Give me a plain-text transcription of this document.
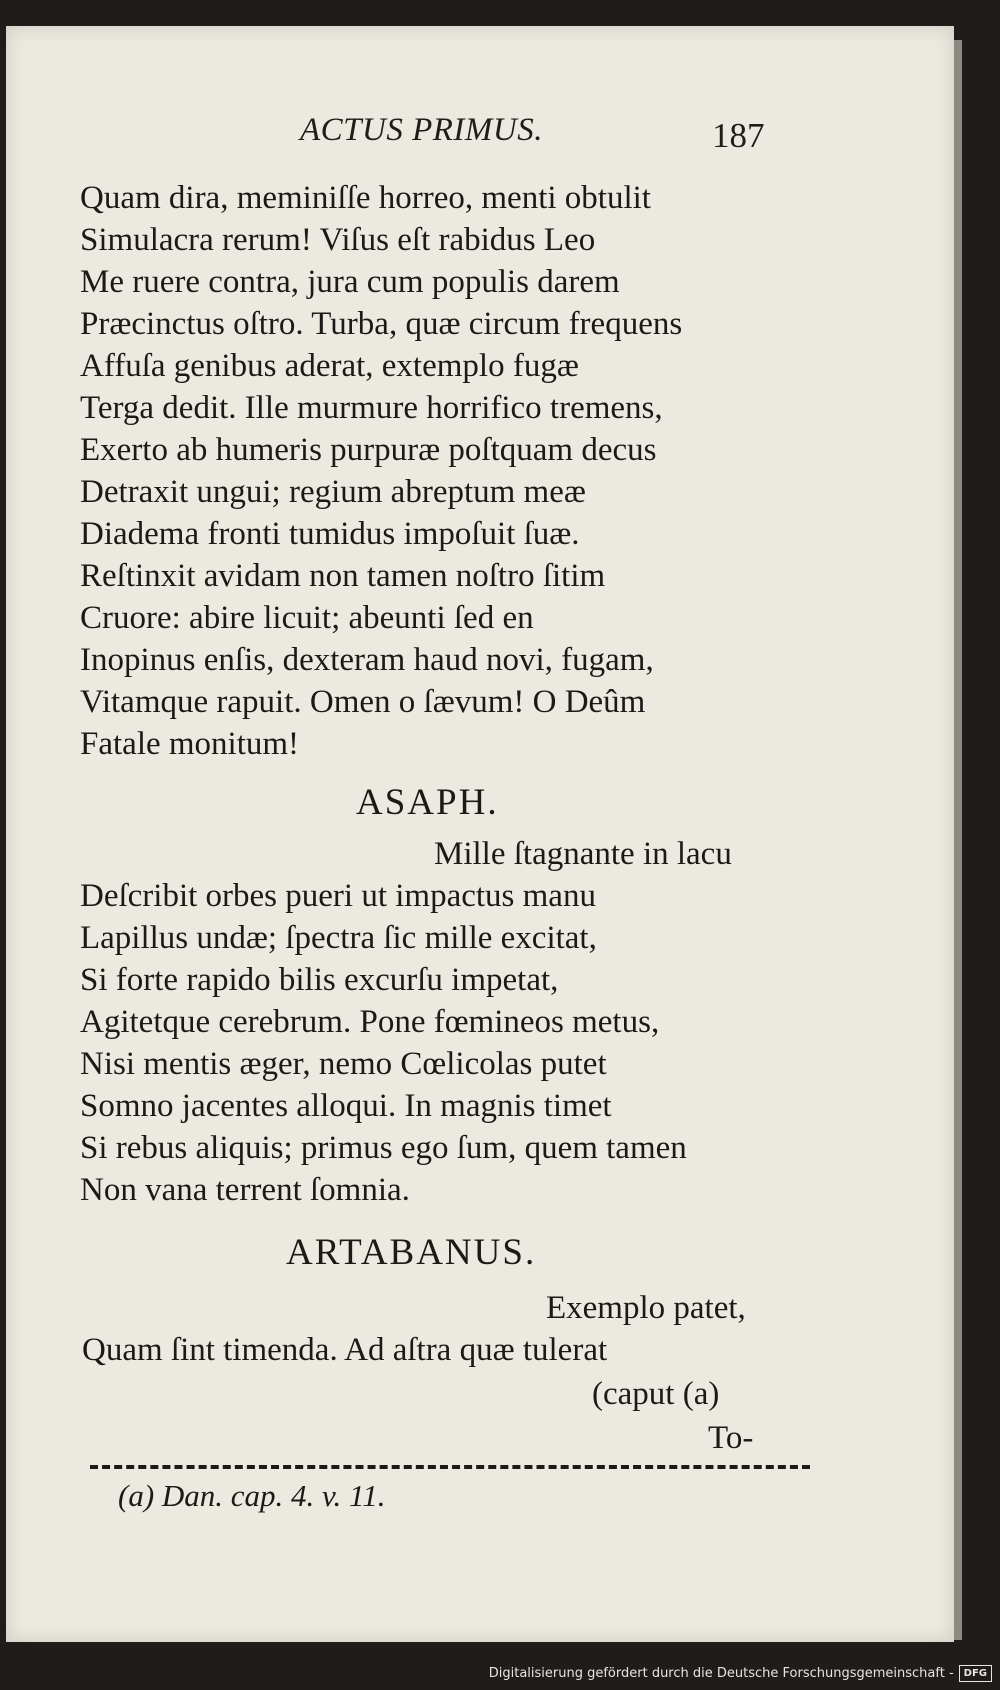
ACTUS PRIMUS.	187
Quam dira, meminiſſe horreo, menti obtulit
Simulacra rerum! Viſus eſt rabidus Leo
Me ruere contra, jura cum populis darem
Præcinctus oſtro. Turba, quæ circum frequens
Affuſa genibus aderat, extemplo fugæ
Terga dedit. Ille murmure horrifico tremens,
Exerto ab humeris purpuræ poſtquam decus
Detraxit ungui; regium abreptum meæ
Diadema fronti tumidus impoſuit ſuæ.
Reſtinxit avidam non tamen noſtro ſitim
Cruore: abire licuit; abeunti ſed en
Inopinus enſis, dexteram haud novi, fugam,
Vitamque rapuit. Omen o ſævum! O Deûm
Fatale monitum!
ASAPH.
Mille ſtagnante in lacu
Deſcribit orbes pueri ut impactus manu
Lapillus undæ; ſpectra ſic mille excitat,
Si forte rapido bilis excurſu impetat,
Agitetque cerebrum. Pone fœmineos metus,
Nisi mentis æger, nemo Cœlicolas putet
Somno jacentes alloqui. In magnis timet
Si rebus aliquis; primus ego ſum, quem tamen
Non vana terrent ſomnia.
ARTABANUS.
Exemplo patet,
Quam ſint timenda. Ad aſtra quæ tulerat
(caput (a)
To-
(a) Dan. cap. 4. v. 11.
Digitalisierung gefördert durch die Deutsche Forschungsgemeinschaft - DFG
